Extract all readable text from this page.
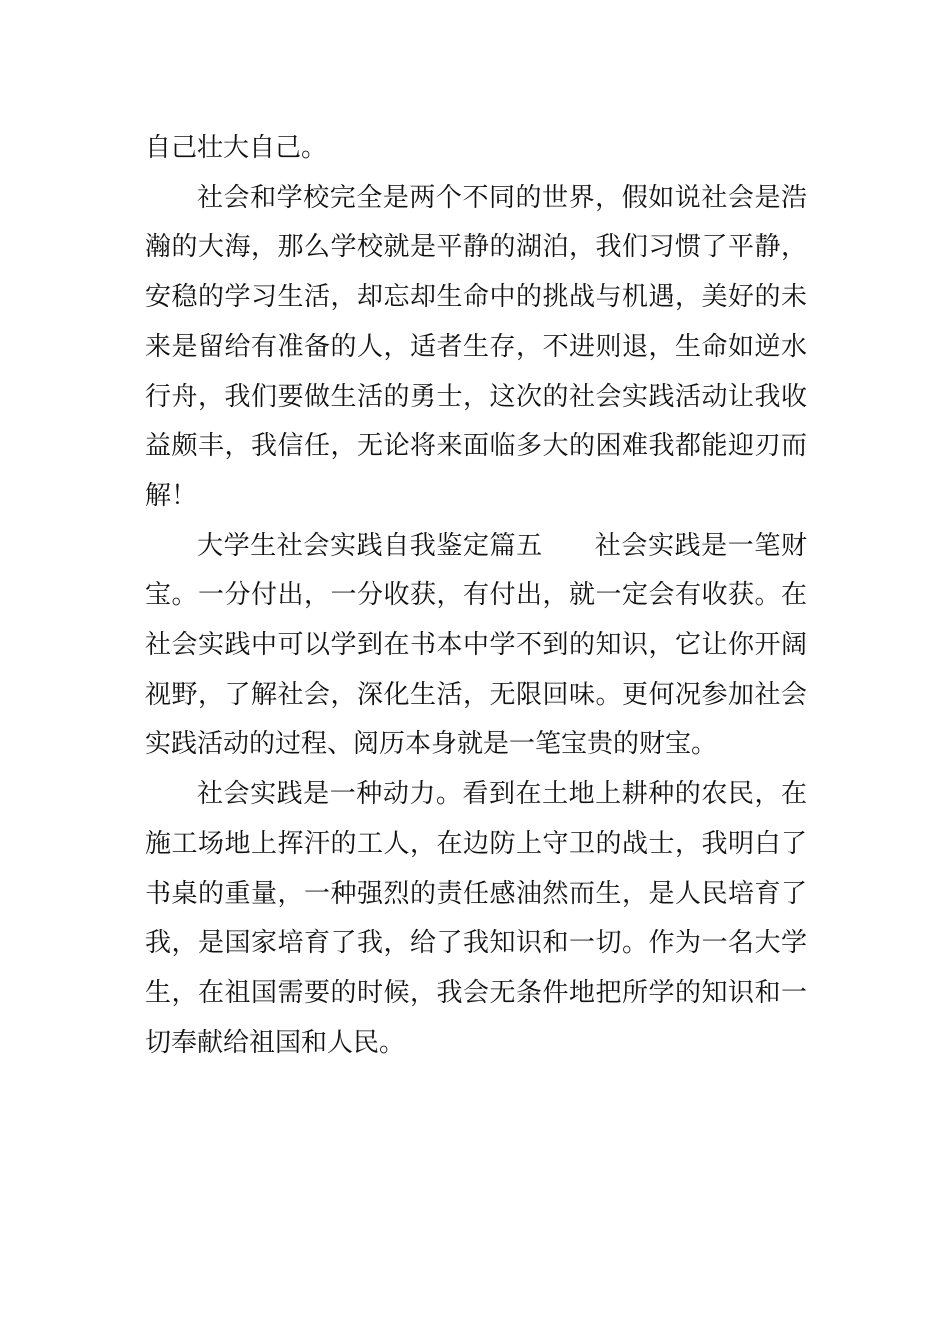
自己壮大自己。

社会和学校完全是两个不同的世界，假如说社会是浩瀚的大海，那么学校就是平静的湖泊，我们习惯了平静，安稳的学习生活，却忘却生命中的挑战与机遇，美好的未来是留给有准备的人，适者生存，不进则退，生命如逆水行舟，我们要做生活的勇士，这次的社会实践活动让我收益颇丰，我信任，无论将来面临多大的困难我都能迎刃而解！

大学生社会实践自我鉴定篇五 社会实践是一笔财宝。一分付出，一分收获，有付出，就一定会有收获。在社会实践中可以学到在书本中学不到的知识，它让你开阔视野，了解社会，深化生活，无限回味。更何况参加社会实践活动的过程、阅历本身就是一笔宝贵的财宝。

社会实践是一种动力。看到在土地上耕种的农民，在施工场地上挥汗的工人，在边防上守卫的战士，我明白了书桌的重量，一种强烈的责任感油然而生，是人民培育了我，是国家培育了我，给了我知识和一切。作为一名大学生，在祖国需要的时候，我会无条件地把所学的知识和一切奉献给祖国和人民。
